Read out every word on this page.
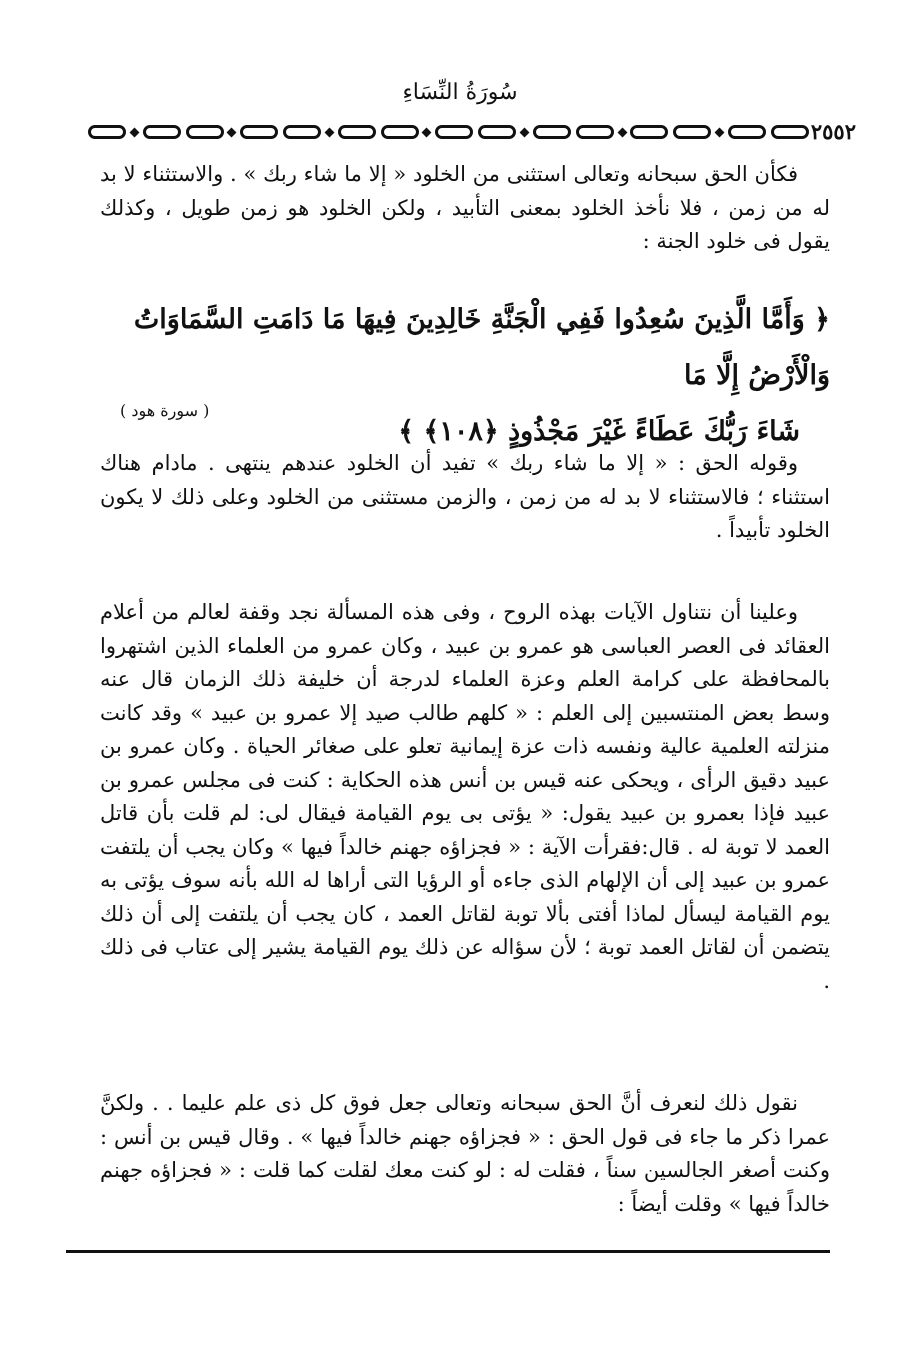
سُورَةُ النِّسَاءِ
٢٥٥٢

فكأن الحق سبحانه وتعالى استثنى من الخلود « إلا ما شاء ربك » . والاستثناء لا بد له من زمن ، فلا نأخذ الخلود بمعنى التأبيد ، ولكن الخلود هو زمن طويل ، وكذلك يقول فى خلود الجنة :

﴿ وَأَمَّا الَّذِينَ سُعِدُوا فَفِي الْجَنَّةِ خَالِدِينَ فِيهَا مَا دَامَتِ السَّمَاوَاتُ وَالْأَرْضُ إِلَّا مَا
شَاءَ رَبُّكَ عَطَاءً غَيْرَ مَجْذُوذٍ ﴿١٠٨﴾ ﴾
( سورة هود )

وقوله الحق : « إلا ما شاء ربك » تفيد أن الخلود عندهم ينتهى . مادام هناك استثناء ؛ فالاستثناء لا بد له من زمن ، والزمن مستثنى من الخلود وعلى ذلك لا يكون الخلود تأبيداً .

وعلينا أن نتناول الآيات بهذه الروح ، وفى هذه المسألة نجد وقفة لعالم من أعلام العقائد فى العصر العباسى هو عمرو بن عبيد ، وكان عمرو من العلماء الذين اشتهروا بالمحافظة على كرامة العلم وعزة العلماء لدرجة أن خليفة ذلك الزمان قال عنه وسط بعض المنتسبين إلى العلم : « كلهم طالب صيد إلا عمرو بن عبيد » وقد كانت منزلته العلمية عالية ونفسه ذات عزة إيمانية تعلو على صغائر الحياة . وكان عمرو بن عبيد دقيق الرأى ، ويحكى عنه قيس بن أنس هذه الحكاية : كنت فى مجلس عمرو بن عبيد فإذا بعمرو بن عبيد يقول: « يؤتى بى يوم القيامة فيقال لى: لم قلت بأن قاتل العمد لا توبة له . قال:فقرأت الآية : « فجزاؤه جهنم خالداً فيها » وكان يجب أن يلتفت عمرو بن عبيد إلى أن الإلهام الذى جاءه أو الرؤيا التى أراها له الله بأنه سوف يؤتى به يوم القيامة ليسأل لماذا أفتى بألا توبة لقاتل العمد ، كان يجب أن يلتفت إلى أن ذلك يتضمن أن لقاتل العمد توبة ؛ لأن سؤاله عن ذلك يوم القيامة يشير إلى عتاب فى ذلك .

نقول ذلك لنعرف أنَّ الحق سبحانه وتعالى جعل فوق كل ذى علم عليما . . ولكنَّ عمرا ذكر ما جاء فى قول الحق : « فجزاؤه جهنم خالداً فيها » . وقال قيس بن أنس : وكنت أصغر الجالسين سناً ، فقلت له : لو كنت معك لقلت كما قلت : « فجزاؤه جهنم خالداً فيها » وقلت أيضاً :
